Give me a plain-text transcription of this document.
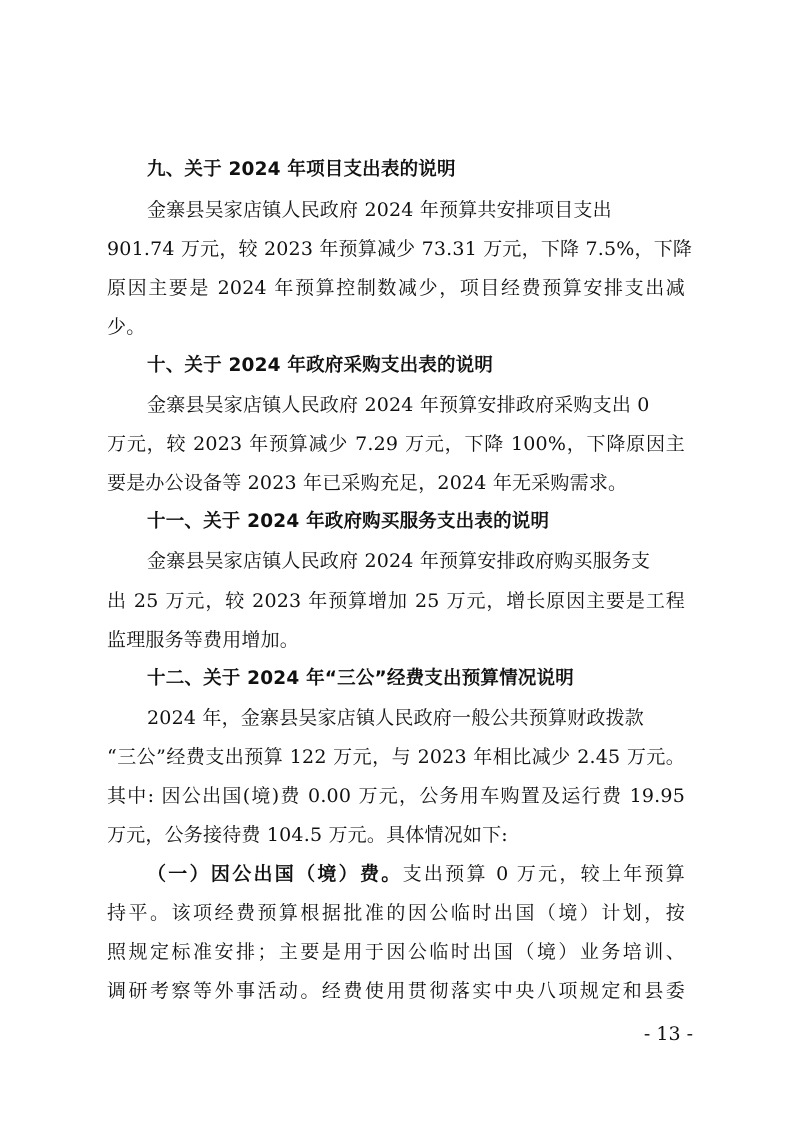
九、关于 2024 年项目支出表的说明
金寨县吴家店镇人民政府 2024 年预算共安排项目支出
901.74 万元，较 2023 年预算减少 73.31 万元，下降 7.5%，下降
原因主要是 2024 年预算控制数减少，项目经费预算安排支出减
少。
十、关于 2024 年政府采购支出表的说明
金寨县吴家店镇人民政府 2024 年预算安排政府采购支出 0
万元，较 2023 年预算减少 7.29 万元，下降 100%，下降原因主
要是办公设备等 2023 年已采购充足，2024 年无采购需求。
十一、关于 2024 年政府购买服务支出表的说明
金寨县吴家店镇人民政府 2024 年预算安排政府购买服务支
出 25 万元，较 2023 年预算增加 25 万元，增长原因主要是工程
监理服务等费用增加。
十二、关于 2024 年“三公”经费支出预算情况说明
2024 年，金寨县吴家店镇人民政府一般公共预算财政拨款
“三公”经费支出预算 122 万元，与 2023 年相比减少 2.45 万元。
其中: 因公出国(境)费 0.00 万元，公务用车购置及运行费 19.95
万元，公务接待费 104.5 万元。具体情况如下:
（一）因公出国（境）费。支出预算 0 万元，较上年预算
持平。该项经费预算根据批准的因公临时出国（境）计划，按
照规定标准安排；主要是用于因公临时出国（境）业务培训、
调研考察等外事活动。经费使用贯彻落实中央八项规定和县委
- 13 -
